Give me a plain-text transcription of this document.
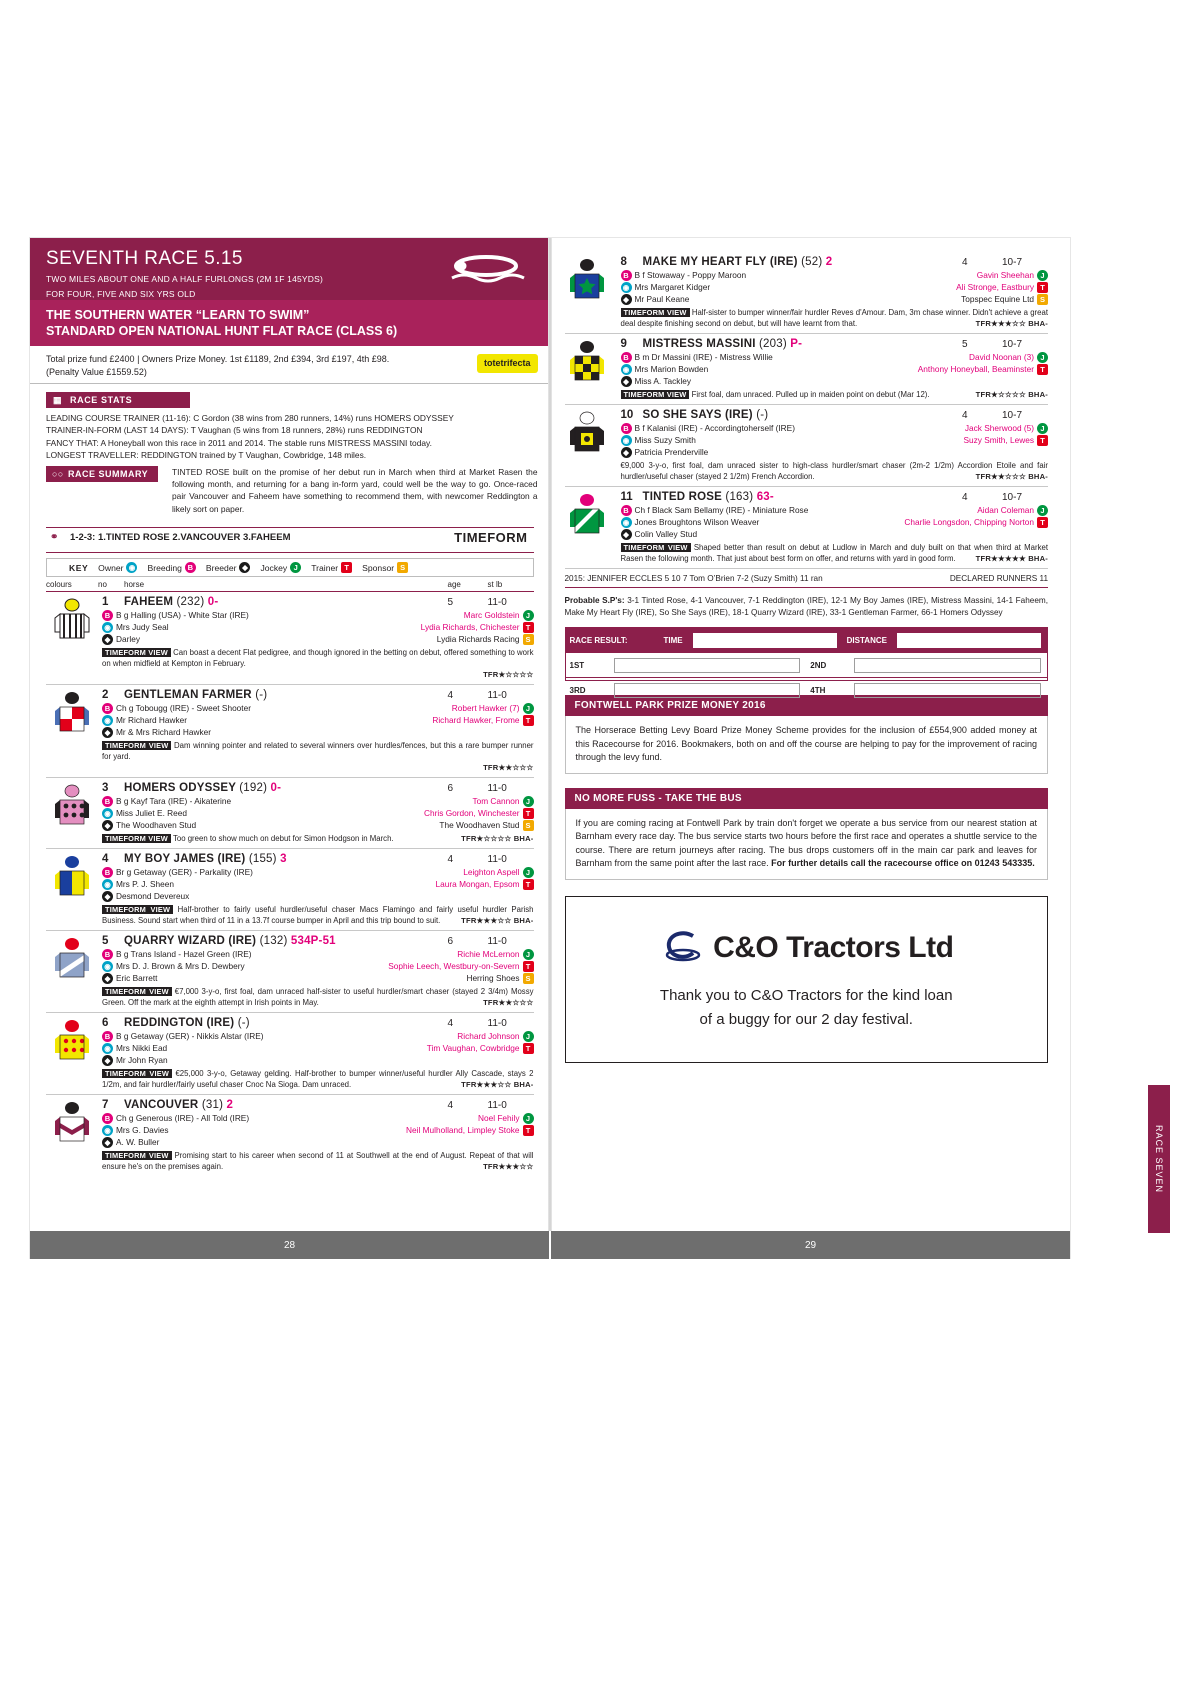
SEVENTH RACE 5.15
TWO MILES ABOUT ONE AND A HALF FURLONGS (2M 1F 145YDS)
FOR FOUR, FIVE AND SIX YRS OLD
THE SOUTHERN WATER “LEARN TO SWIM”
STANDARD OPEN NATIONAL HUNT FLAT RACE (CLASS 6)
Total prize fund £2400 | Owners Prize Money. 1st £1189, 2nd £394, 3rd £197, 4th £98.
(Penalty Value £1559.52)
totetrifecta
▦ RACE STATS
LEADING COURSE TRAINER (11-16): C Gordon (38 wins from 280 runners, 14%) runs HOMERS ODYSSEY
TRAINER-IN-FORM (LAST 14 DAYS): T Vaughan (5 wins from 18 runners, 28%) runs REDDINGTON
FANCY THAT: A Honeyball won this race in 2011 and 2014. The stable runs MISTRESS MASSINI today.
LONGEST TRAVELLER: REDDINGTON trained by T Vaughan, Cowbridge, 148 miles.
○○ RACE SUMMARY	TINTED ROSE built on the promise of her debut run in March when third at Market Rasen the following month, and returning for a bang in-form yard, could well be the way to go. Once-raced pair Vancouver and Faheem have something to recommend them, with newcomer Reddington a likely sort on paper.
⚭ 1-2-3: 1.TINTED ROSE 2.VANCOUVER 3.FAHEEM	TIMEFORM
KEY Owner ◉ Breeding B	Breeder ◆	Jockey J	Trainer T	Sponsor S
colours	no	horse	age	st lb
1	FAHEEM (232) 0-	5	11-0
B B g Halling (USA) - White Star (IRE)	Marc Goldstein J
◉ Mrs Judy Seal	Lydia Richards, Chichester T
◆ Darley	Lydia Richards Racing S
TIMEFORM VIEW Can boast a decent Flat pedigree, and though ignored in the betting on debut, offered something to work on when midfield at Kempton in February.
TFR★☆☆☆☆
2	GENTLEMAN FARMER (-)	4	11-0
B Ch g Tobougg (IRE) - Sweet Shooter	Robert Hawker (7) J
◉ Mr Richard Hawker	Richard Hawker, Frome T
◆ Mr & Mrs Richard Hawker
TIMEFORM VIEW Dam winning pointer and related to several winners over hurdles/fences, but this a rare bumper runner for yard.
TFR★★☆☆☆
3	HOMERS ODYSSEY (192) 0-	6	11-0
B B g Kayf Tara (IRE) - Aikaterine	Tom Cannon J
◉ Miss Juliet E. Reed	Chris Gordon, Winchester T
◆ The Woodhaven Stud	The Woodhaven Stud S
TIMEFORM VIEW Too green to show much on debut for Simon Hodgson in March.	TFR★☆☆☆☆ BHA-
4	MY BOY JAMES (IRE) (155) 3	4	11-0
B Br g Getaway (GER) - Parkality (IRE)	Leighton Aspell J
◉ Mrs P. J. Sheen	Laura Mongan, Epsom T
◆ Desmond Devereux
TIMEFORM VIEW Half-brother to fairly useful hurdler/useful chaser Macs Flamingo and fairly useful hurdler Parish Business. Sound start when third of 11 in a 13.7f course bumper in April and this trip bound to suit.	TFR★★★☆☆ BHA-
5	QUARRY WIZARD (IRE) (132) 534P-51	6	11-0
B B g Trans Island - Hazel Green (IRE)	Richie McLernon J
◉ Mrs D. J. Brown & Mrs D. Dewbery	Sophie Leech, Westbury-on-Severn T
◆ Eric Barrett	Herring Shoes S
TIMEFORM VIEW €7,000 3-y-o, first foal, dam unraced half-sister to useful hurdler/smart chaser (stayed 2 3/4m) Mossy Green. Off the mark at the eighth attempt in Irish points in May.	TFR★★☆☆☆
6	REDDINGTON (IRE) (-)	4	11-0
B B g Getaway (GER) - Nikkis Alstar (IRE)	Richard Johnson J
◉ Mrs Nikki Ead	Tim Vaughan, Cowbridge T
◆ Mr John Ryan
TIMEFORM VIEW €25,000 3-y-o, Getaway gelding. Half-brother to bumper winner/useful hurdler Ally Cascade, stays 2 1/2m, and fair hurdler/fairly useful chaser Cnoc Na Sioga. Dam unraced.	TFR★★★☆☆ BHA-
7	VANCOUVER (31) 2	4	11-0
B Ch g Generous (IRE) - All Told (IRE)	Noel Fehily J
◉ Mrs G. Davies	Neil Mulholland, Limpley Stoke T
◆ A. W. Buller
TIMEFORM VIEW Promising start to his career when second of 11 at Southwell at the end of August. Repeat of that will ensure he's on the premises again.	TFR★★★☆☆
8	MAKE MY HEART FLY (IRE) (52) 2	4	10-7
B B f Stowaway - Poppy Maroon	Gavin Sheehan J
◉ Mrs Margaret Kidger	Ali Stronge, Eastbury T
◆ Mr Paul Keane	Topspec Equine Ltd S
TIMEFORM VIEW Half-sister to bumper winner/fair hurdler Reves d'Amour. Dam, 3m chase winner. Didn't achieve a great deal despite finishing second on debut, but will have learnt from that.	TFR★★★☆☆ BHA-
9	MISTRESS MASSINI (203) P-	5	10-7
B B m Dr Massini (IRE) - Mistress Willie	David Noonan (3) J
◉ Mrs Marion Bowden	Anthony Honeyball, Beaminster T
◆ Miss A. Tackley
TIMEFORM VIEW First foal, dam unraced. Pulled up in maiden point on debut (Mar 12).	TFR★☆☆☆☆ BHA-
10 SO SHE SAYS (IRE) (-)	4	10-7
B B f Kalanisi (IRE) - Accordingtoherself (IRE)	Jack Sherwood (5) J
◉ Miss Suzy Smith	Suzy Smith, Lewes T
◆ Patricia Prenderville
€9,000 3-y-o, first foal, dam unraced sister to high-class hurdler/smart chaser (2m-2 1/2m) Accordion Etoile and fair hurdler/useful chaser (stayed 2 1/2m) French Accordion.	TFR★★☆☆☆ BHA-
11 TINTED ROSE (163) 63-	4	10-7
B Ch f Black Sam Bellamy (IRE) - Miniature Rose	Aidan Coleman J
◉ Jones Broughtons Wilson Weaver	Charlie Longsdon, Chipping Norton T
◆ Colin Valley Stud
TIMEFORM VIEW Shaped better than result on debut at Ludlow in March and duly built on that when third at Market Rasen the following month. That just about best form on offer, and returns with yard in good form.	TFR★★★★★ BHA-
2015: JENNIFER ECCLES 5 10 7 Tom O’Brien 7-2 (Suzy Smith) 11 ran	DECLARED RUNNERS 11
Probable S.P's: 3-1 Tinted Rose, 4-1 Vancouver, 7-1 Reddington (IRE), 12-1 My Boy James (IRE), Mistress Massini, 14-1 Faheem, Make My Heart Fly (IRE), So She Says (IRE), 18-1 Quarry Wizard (IRE), 33-1 Gentleman Farmer, 66-1 Homers Odyssey
RACE RESULT:	TIME	DISTANCE
1ST	2ND
3RD	4TH
FONTWELL PARK PRIZE MONEY 2016
The Horserace Betting Levy Board Prize Money Scheme provides for the inclusion of £554,900 added money at this Racecourse for 2016. Bookmakers, both on and off the course are helping to pay for the improvement of racing through the levy fund.
NO MORE FUSS - TAKE THE BUS
If you are coming racing at Fontwell Park by train don't forget we operate a bus service from our nearest station at Barnham every race day. The bus service starts two hours before the first race and operates a shuttle service to the course. There are return journeys after racing. The bus drops customers off in the main car park and leaves for Barnham from the same point after the last race. For further details call the racecourse office on 01243 543335.
C&O Tractors Ltd
Thank you to C&O Tractors for the kind loan
of a buggy for our 2 day festival.
28	29
RACE SEVEN
